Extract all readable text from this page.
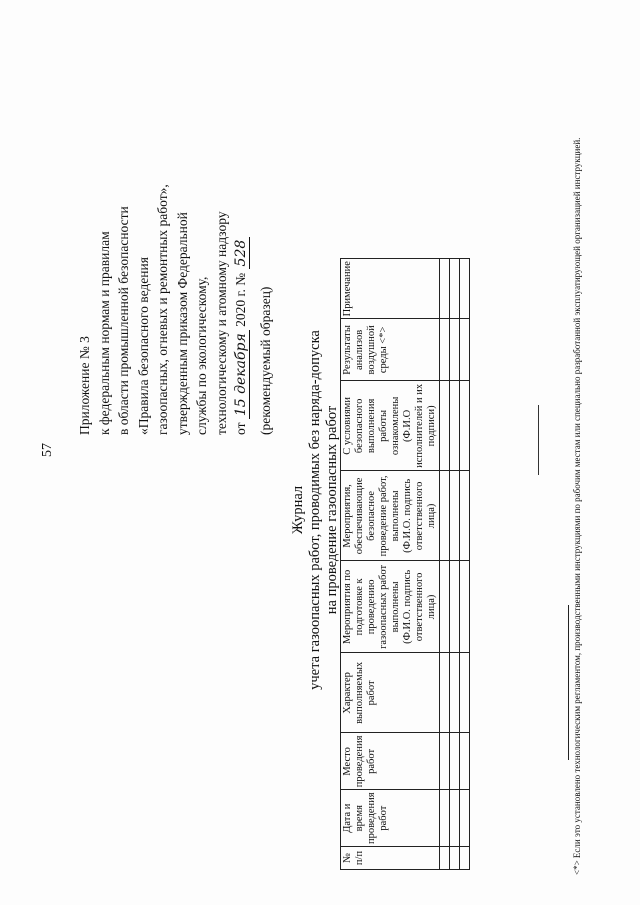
57
Приложение № 3 к федеральным нормам и правилам в области промышленной безопасности «Правила безопасного ведения газоопасных, огневых и ремонтных работ», утвержденным приказом Федеральной службы по экологическому, технологическому и атомному надзору от 15 декабря 2020 г. № 528
(рекомендуемый образец)
Журнал учета газоопасных работ, проводимых без наряда-допуска на проведение газоопасных работ
№ п/п	Дата и время проведения работ	Место проведения работ	Характер выполняемых работ	Мероприятия по подготовке к проведению газоопасных работ выполнены (Ф.И.О. подпись ответственного лица)	Мероприятия, обеспечивающие безопасное проведение работ, выполнены (Ф.И.О. подпись ответственного лица)	С условиями безопасного выполнения работы ознакомлены (Ф.И.О исполнителей и их подписи)	Результаты анализов воздушной среды <*>	Примечание

									<*> Если это установлено технологическим регламентом, производственными инструкциями по рабочим местам или специально разработанной эксплуатирующей организацией инструкцией.
